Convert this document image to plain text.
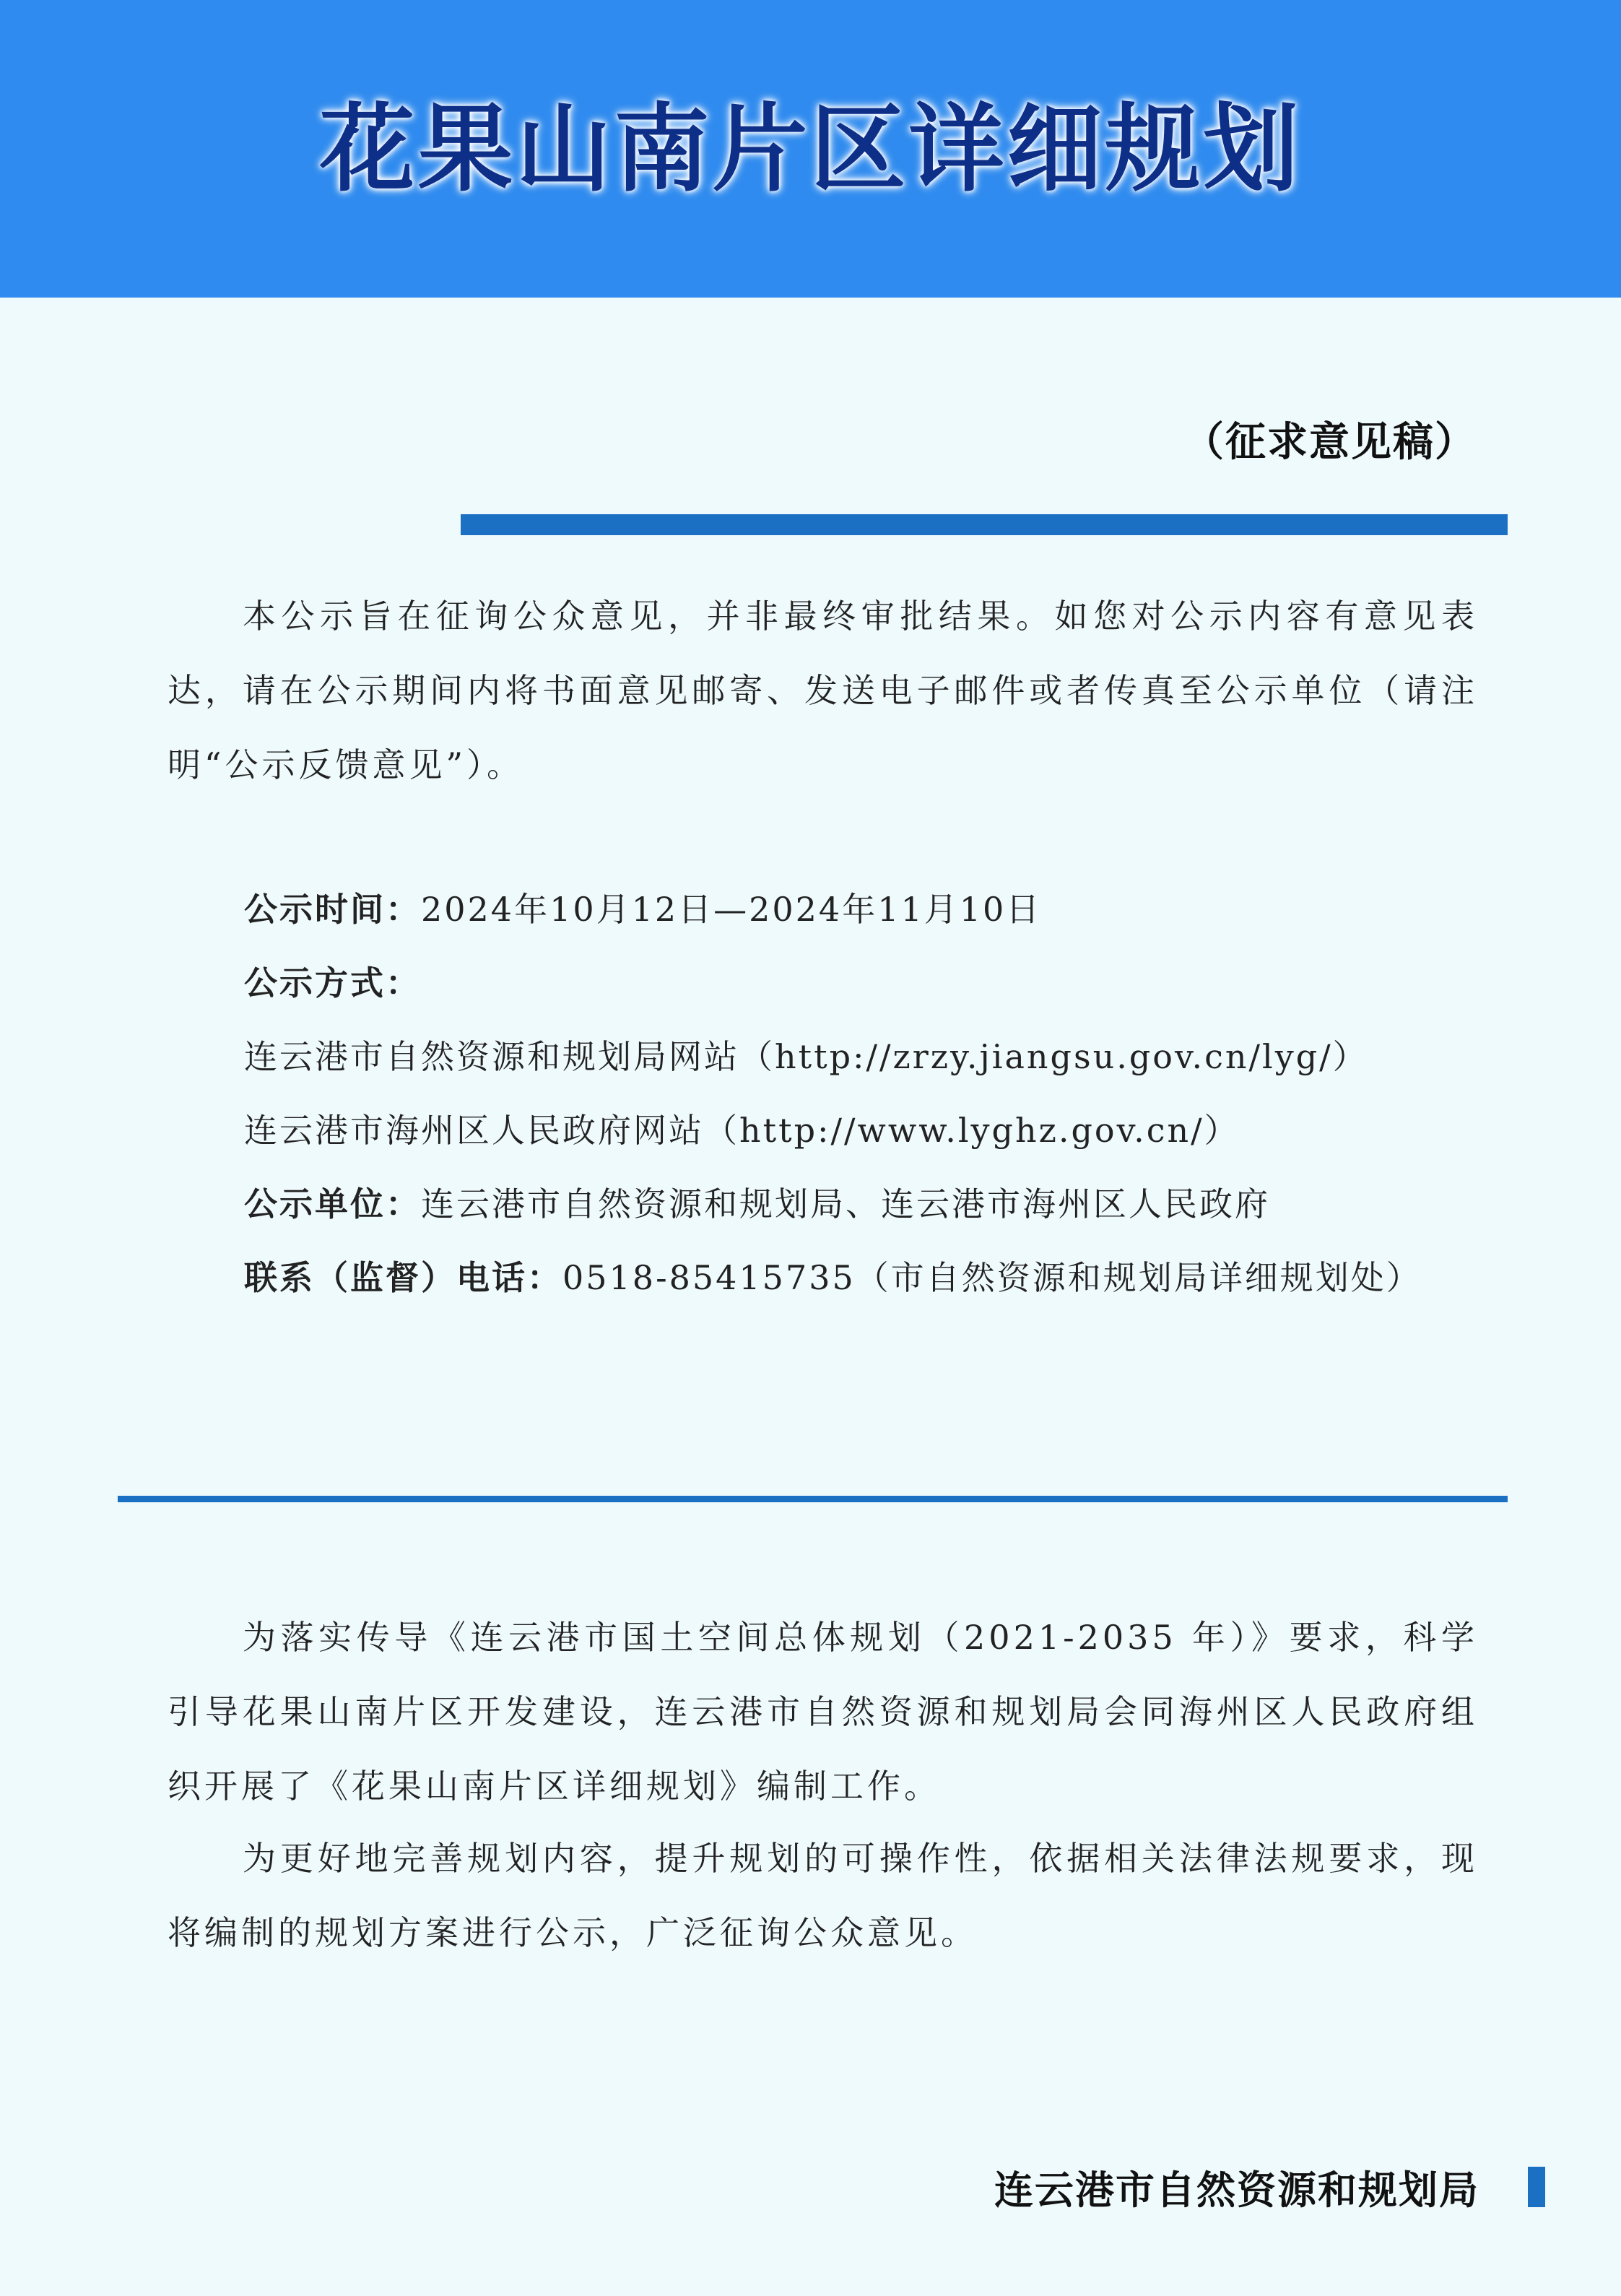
花果山南片区详细规划
（征求意见稿）

本公示旨在征询公众意见，并非最终审批结果。如您对公示内容有意见表达，请在公示期间内将书面意见邮寄、发送电子邮件或者传真至公示单位（请注明“公示反馈意见”）。

公示时间：2024年10月12日—2024年11月10日
公示方式：
连云港市自然资源和规划局网站（http://zrzy.jiangsu.gov.cn/lyg/）
连云港市海州区人民政府网站（http://www.lyghz.gov.cn/）
公示单位：连云港市自然资源和规划局、连云港市海州区人民政府
联系（监督）电话：0518-85415735（市自然资源和规划局详细规划处）

为落实传导《连云港市国土空间总体规划（2021-2035 年）》要求，科学引导花果山南片区开发建设，连云港市自然资源和规划局会同海州区人民政府组织开展了《花果山南片区详细规划》编制工作。

为更好地完善规划内容，提升规划的可操作性，依据相关法律法规要求，现将编制的规划方案进行公示，广泛征询公众意见。

连云港市自然资源和规划局
